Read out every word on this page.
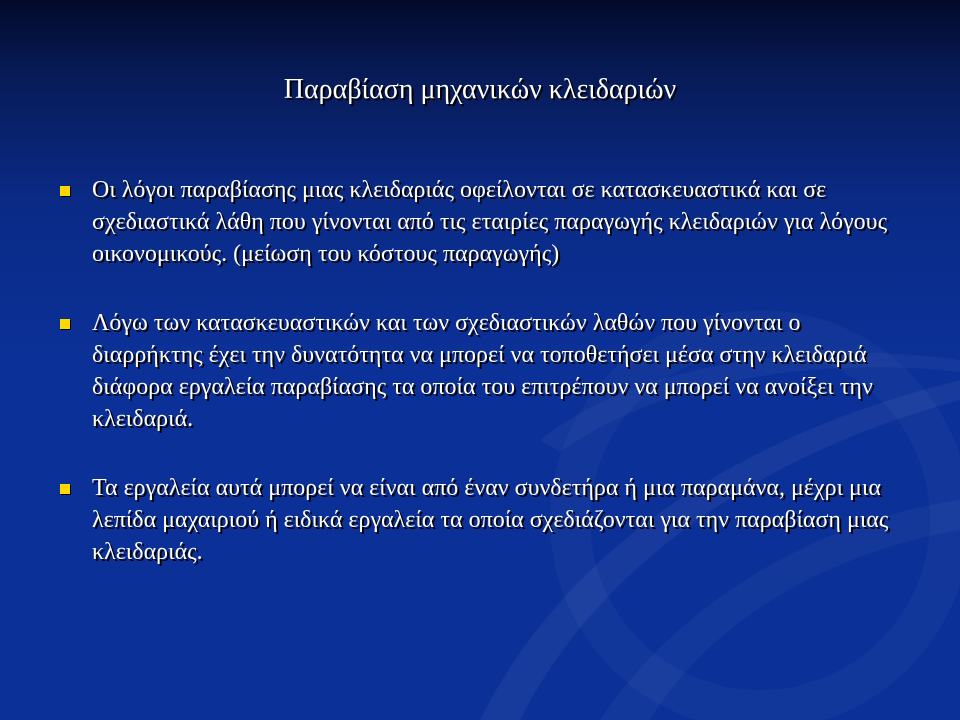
Παραβίαση μηχανικών κλειδαριών
Οι λόγοι παραβίασης μιας κλειδαριάς οφείλονται σε κατασκευαστικά και σε σχεδιαστικά λάθη που γίνονται από τις εταιρίες παραγωγής κλειδαριών για λόγους οικονομικούς. (μείωση του κόστους παραγωγής)
Λόγω των κατασκευαστικών και των σχεδιαστικών λαθών που γίνονται ο διαρρήκτης έχει την δυνατότητα να μπορεί να τοποθετήσει μέσα στην κλειδαριά διάφορα εργαλεία παραβίασης τα οποία του επιτρέπουν να μπορεί να ανοίξει την κλειδαριά.
Τα εργαλεία αυτά μπορεί να είναι από έναν συνδετήρα ή μια παραμάνα, μέχρι μια λεπίδα μαχαιριού ή ειδικά εργαλεία τα οποία σχεδιάζονται για την παραβίαση μιας κλειδαριάς.
